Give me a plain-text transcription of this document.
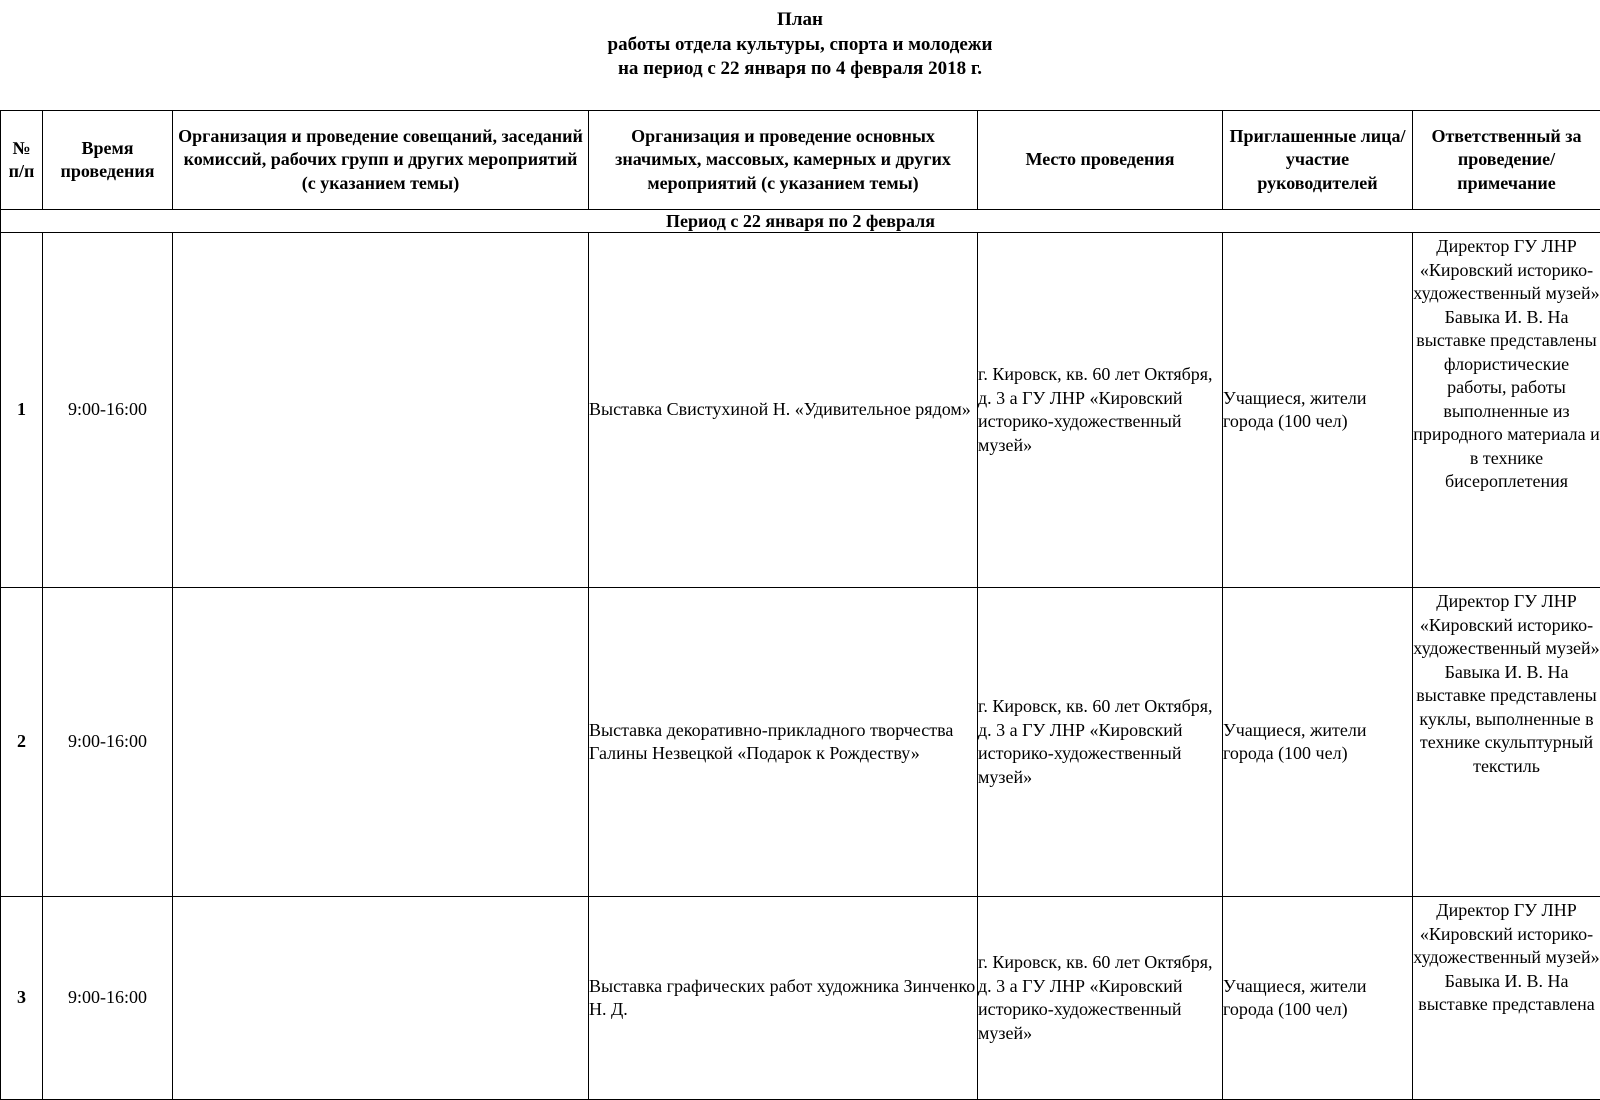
План
работы отдела культуры, спорта и молодежи
на период с 22 января по 4 февраля 2018 г.
№ п/п	Время проведения	Организация и проведение совещаний, заседаний комиссий, рабочих групп и других мероприятий (с указанием темы)	Организация и проведение основных значимых, массовых, камерных и других мероприятий (с указанием темы)	Место проведения	Приглашенные лица/участие руководителей	Ответственный за проведение/ примечание
Период с 22 января по 2 февраля						
1	9:00-16:00		Выставка Свистухиной Н. «Удивительное рядом»	г. Кировск, кв. 60 лет Октября, д. 3 а ГУ ЛНР «Кировский историко-художественный музей»	Учащиеся, жители города (100 чел)	Директор ГУ ЛНР «Кировский историко-художественный музей» Бавыка И. В. На выставке представлены флористические работы, работы выполненные из природного материала и в технике бисероплетения
2	9:00-16:00		Выставка декоративно-прикладного творчества Галины Незвецкой «Подарок к Рождеству»	г. Кировск, кв. 60 лет Октября, д. 3 а ГУ ЛНР «Кировский историко-художественный музей»	Учащиеся, жители города (100 чел)	Директор ГУ ЛНР «Кировский историко-художественный музей» Бавыка И. В. На выставке представлены куклы, выполненные в технике скульптурный текстиль
3	9:00-16:00		Выставка графических работ художника Зинченко Н. Д.	г. Кировск, кв. 60 лет Октября, д. 3 а ГУ ЛНР «Кировский историко-художественный музей»	Учащиеся, жители города (100 чел)	Директор ГУ ЛНР «Кировский историко-художественный музей» Бавыка И. В. На выставке представлена
